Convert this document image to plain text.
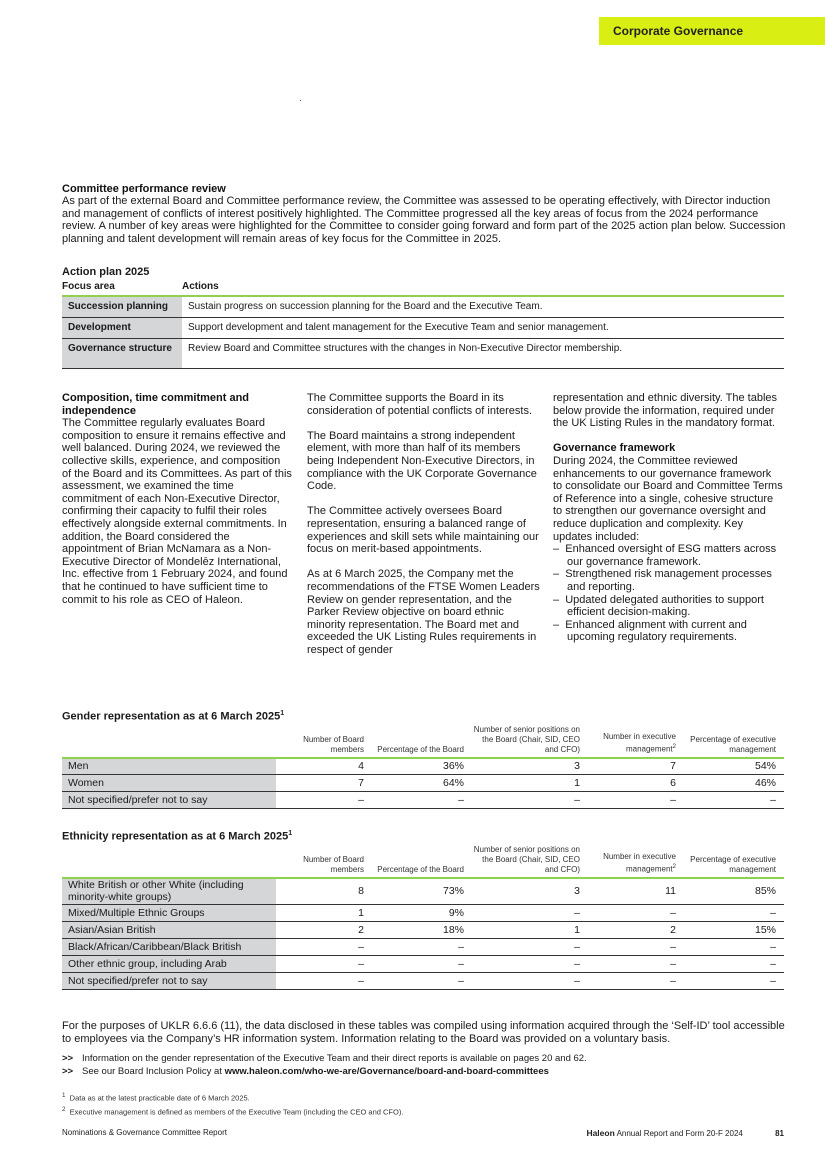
Corporate Governance
Committee performance review
As part of the external Board and Committee performance review, the Committee was assessed to be operating effectively, with Director induction and management of conflicts of interest positively highlighted. The Committee progressed all the key areas of focus from the 2024 performance review. A number of key areas were highlighted for the Committee to consider going forward and form part of the 2025 action plan below. Succession planning and talent development will remain areas of key focus for the Committee in 2025.
Action plan 2025
Focus area	Actions
Succession planning	Sustain progress on succession planning for the Board and the Executive Team.
Development	Support development and talent management for the Executive Team and senior management.
Governance structure	Review Board and Committee structures with the changes in Non-Executive Director membership.
Composition, time commitment and independence
The Committee regularly evaluates Board composition to ensure it remains effective and well balanced. During 2024, we reviewed the collective skills, experience, and composition of the Board and its Committees. As part of this assessment, we examined the time commitment of each Non-Executive Director, confirming their capacity to fulfil their roles effectively alongside external commitments. In addition, the Board considered the appointment of Brian McNamara as a Non-Executive Director of Mondelēz International, Inc. effective from 1 February 2024, and found that he continued to have sufficient time to commit to his role as CEO of Haleon.
The Committee supports the Board in its consideration of potential conflicts of interests.
The Board maintains a strong independent element, with more than half of its members being Independent Non-Executive Directors, in compliance with the UK Corporate Governance Code.
The Committee actively oversees Board representation, ensuring a balanced range of experiences and skill sets while maintaining our focus on merit-based appointments.
As at 6 March 2025, the Company met the recommendations of the FTSE Women Leaders Review on gender representation, and the Parker Review objective on board ethnic minority representation. The Board met and exceeded the UK Listing Rules requirements in respect of gender
representation and ethnic diversity. The tables below provide the information, required under the UK Listing Rules in the mandatory format.
Governance framework
During 2024, the Committee reviewed enhancements to our governance framework to consolidate our Board and Committee Terms of Reference into a single, cohesive structure to strengthen our governance oversight and reduce duplication and complexity. Key updates included:
–  Enhanced oversight of ESG matters across our governance framework.
–  Strengthened risk management processes and reporting.
–  Updated delegated authorities to support efficient decision-making.
–  Enhanced alignment with current and upcoming regulatory requirements.
Gender representation as at 6 March 2025$^1$
	Number of Board members	Percentage of the Board	Number of senior positions on the Board (Chair, SID, CEO and CFO)	Number in executive management$^2$	Percentage of executive management
Men	4	36%	3	7	54%
Women	7	64%	1	6	46%
Not specified/prefer not to say	–	–	–	–	–
Ethnicity representation as at 6 March 2025$^1$
	Number of Board members	Percentage of the Board	Number of senior positions on the Board (Chair, SID, CEO and CFO)	Number in executive management$^2$	Percentage of executive management
White British or other White (including minority-white groups)	8	73%	3	11	85%
Mixed/Multiple Ethnic Groups	1	9%	–	–	–
Asian/Asian British	2	18%	1	2	15%
Black/African/Caribbean/Black British	–	–	–	–	–
Other ethnic group, including Arab	–	–	–	–	–
Not specified/prefer not to say	–	–	–	–	–
For the purposes of UKLR 6.6.6 (11), the data disclosed in these tables was compiled using information acquired through the ‘Self-ID’ tool accessible to employees via the Company’s HR information system. Information relating to the Board was provided on a voluntary basis.
>> Information on the gender representation of the Executive Team and their direct reports is available on pages 20 and 62.
>> See our Board Inclusion Policy at www.haleon.com/who-we-are/Governance/board-and-board-committees
$^1$ Data as at the latest practicable date of 6 March 2025.
$^2$ Executive management is defined as members of the Executive Team (including the CEO and CFO).
Nominations & Governance Committee Report	Haleon Annual Report and Form 20-F 2024	81
